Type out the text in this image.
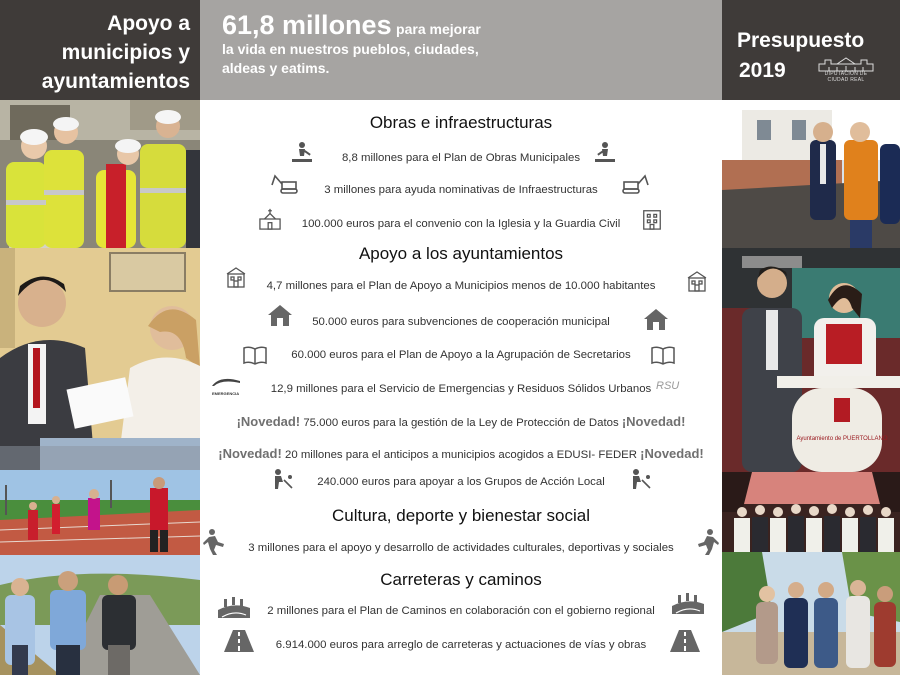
Apoyo a
municipios y
ayuntamientos
61,8 millones para mejorar
la vida en nuestros pueblos, ciudades,
aldeas y eatims.
Presupuesto
2019	DIPUTACIÓN DE
CIUDAD REAL
Ayuntamiento de PUERTOLLANO
Obras e infraestructuras
8,8 millones para el Plan de Obras Municipales
3 millones para ayuda nominativas de Infraestructuras
100.000 euros para el convenio con la Iglesia y la Guardia Civil
Apoyo a los ayuntamientos
4,7 millones para el Plan de Apoyo a Municipios menos de 10.000 habitantes
50.000 euros para subvenciones de cooperación municipal
60.000 euros para el Plan de Apoyo a la Agrupación de Secretarios
EMERGENCIA	12,9 millones para el Servicio de Emergencias y Residuos Sólidos Urbanos RSU
¡Novedad! 75.000 euros para la gestión de la Ley de Protección de Datos ¡Novedad!
¡Novedad! 20 millones para el anticipos a municipios acogidos a EDUSI- FEDER ¡Novedad!
240.000 euros para apoyar a los Grupos de Acción Local
Cultura, deporte y bienestar social
3 millones para el apoyo y desarrollo de actividades culturales, deportivas y sociales
Carreteras y caminos
2 millones para el Plan de Caminos en colaboración con el gobierno regional
6.914.000 euros para arreglo de carreteras y actuaciones de vías y obras
